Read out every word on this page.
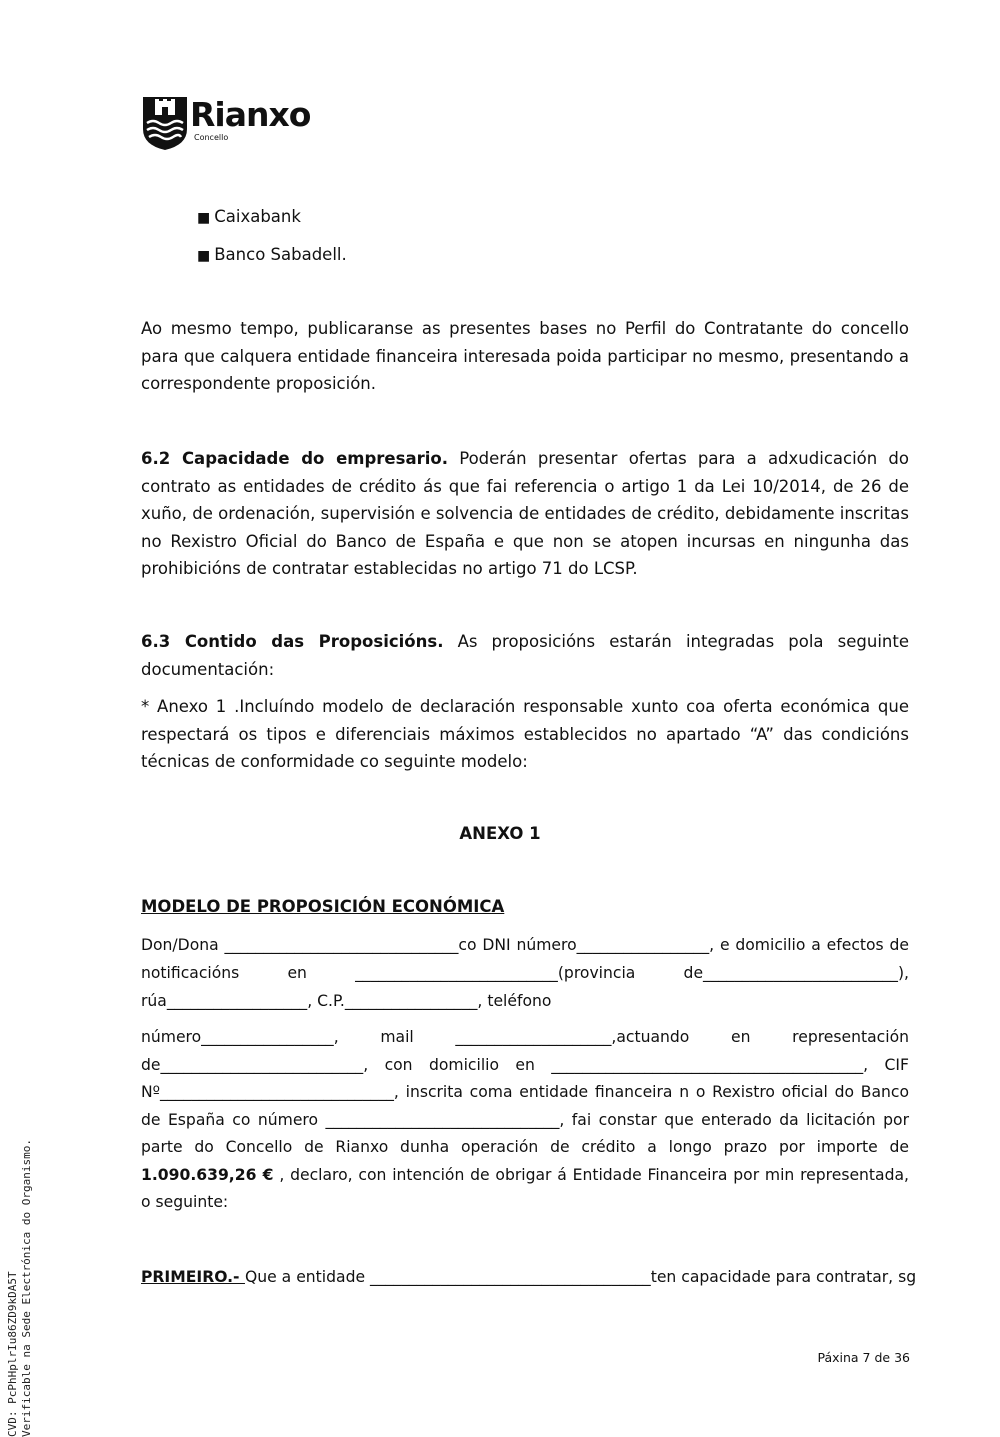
Rianxo
Concello
■ Caixabank
■ Banco Sabadell.
Ao mesmo tempo, publicaranse as presentes bases no Perfil do Contratante do concello para que calquera entidade financeira interesada poida participar no mesmo, presentando a correspondente proposición.
6.2 Capacidade do empresario. Poderán presentar ofertas para a adxudicación do contrato as entidades de crédito ás que fai referencia o artigo 1 da Lei 10/2014, de 26 de xuño, de ordenación, supervisión e solvencia de entidades de crédito, debidamente inscritas no Rexistro Oficial do Banco de España e que non se atopen incursas en ningunha das prohibicións de contratar establecidas no artigo 71 do LCSP.
6.3 Contido das Proposicións. As proposicións estarán integradas pola seguinte documentación:
* Anexo 1 .Incluíndo modelo de declaración responsable xunto coa oferta económica que respectará os tipos e diferenciais máximos establecidos no apartado “A” das condicións técnicas de conformidade co seguinte modelo:
ANEXO 1
MODELO DE PROPOSICIÓN ECONÓMICA
Don/Dona ______________________________co DNI número_________________, e domicilio a efectos de
notificacións en __________________________(provincia de_________________________),
rúa__________________, C.P._________________, teléfono
número_________________, mail ____________________,actuando en representación de__________________________, con domicilio en ________________________________________, CIF Nº______________________________, inscrita coma entidade financeira n o Rexistro oficial do Banco de España co número ______________________________, fai constar que enterado da licitación por parte do Concello de Rianxo dunha operación de crédito a longo prazo por importe de 1.090.639,26 € , declaro, con intención de obrigar á Entidade Financeira por min representada, o seguinte:
PRIMEIRO.- Que a entidade ____________________________________ten capacidade para contratar, sg
Páxina 7 de 36
CVD: PcPhHplrIu86ZD9kDA5T Verificable na Sede Electrónica do Organismo.
